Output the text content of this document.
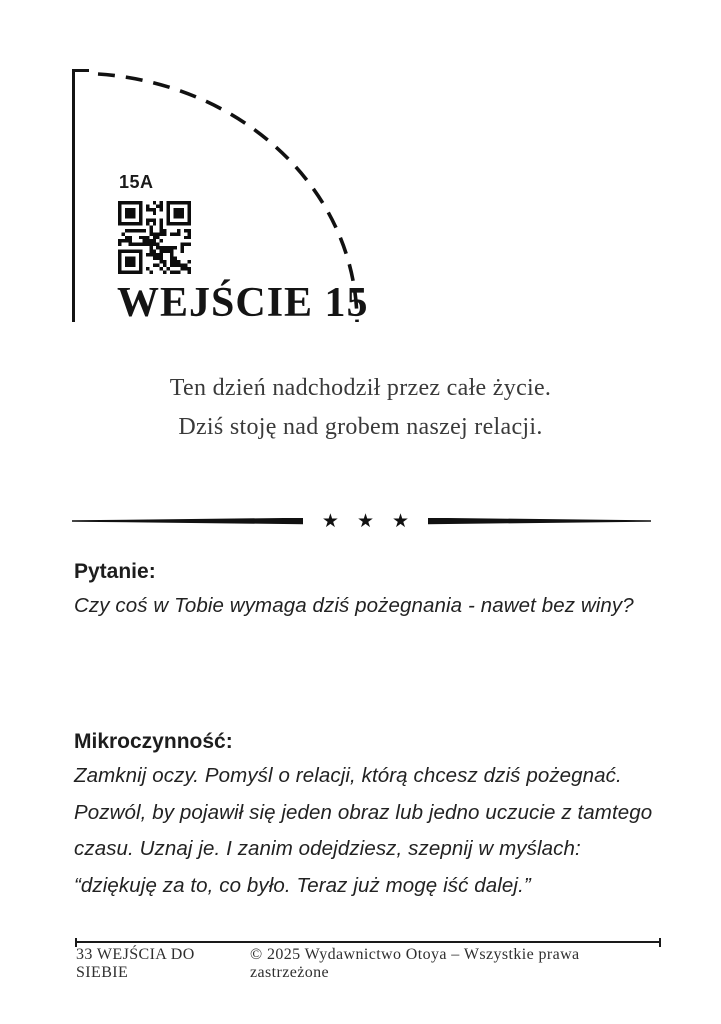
15A
WEJŚCIE 15
Ten dzień nadchodził przez całe życie.
Dziś stoję nad grobem naszej relacji.
★ ★ ★
Pytanie:
Czy coś w Tobie wymaga dziś pożegnania - nawet bez winy?
Mikroczynność:
Zamknij oczy. Pomyśl o relacji, którą chcesz dziś pożegnać.
Pozwól, by pojawił się jeden obraz lub jedno uczucie z tamtego
czasu. Uznaj je. I zanim odejdziesz, szepnij w myślach:
“dziękuję za to, co było. Teraz już mogę iść dalej.”
33 WEJŚCIA DO SIEBIE
© 2025 Wydawnictwo Otoya – Wszystkie prawa zastrzeżone
